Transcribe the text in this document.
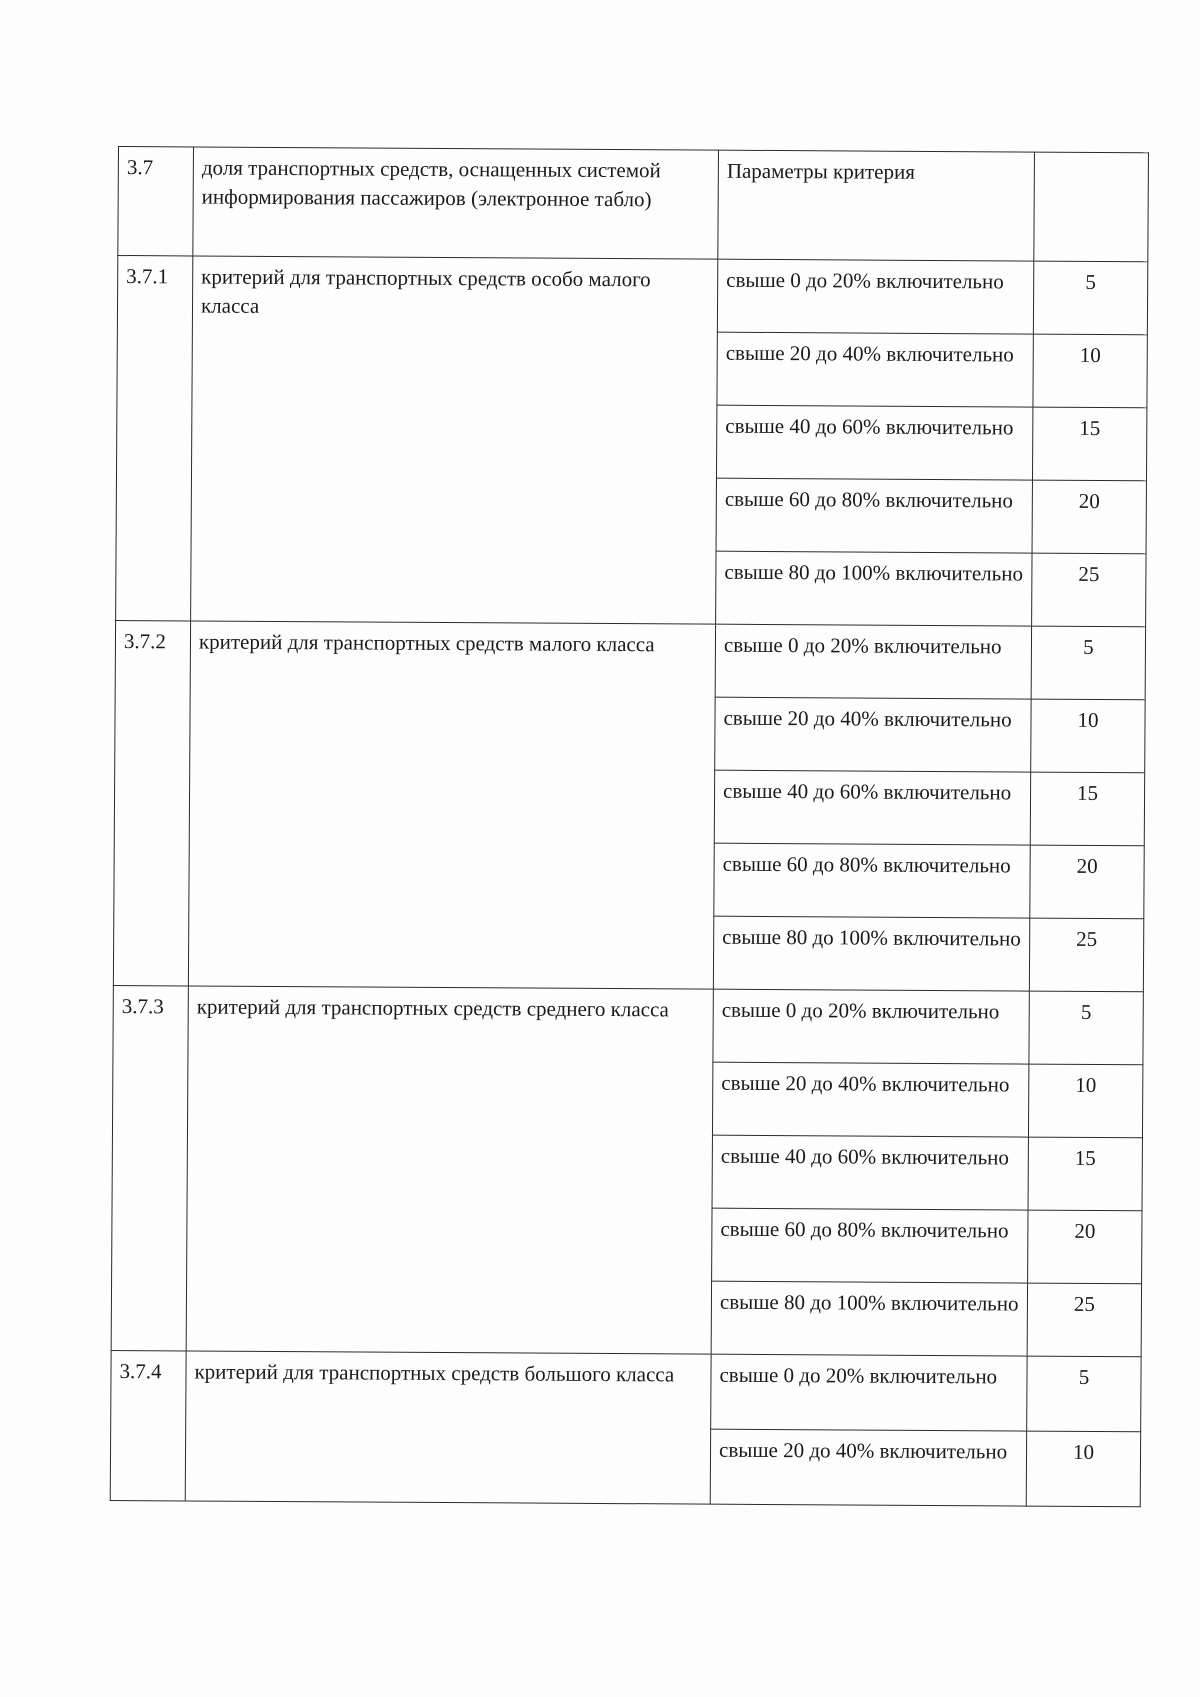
3.7	доля транспортных средств, оснащенных системой информирования пассажиров (электронное табло)	Параметры критерия	
3.7.1	критерий для транспортных средств особо малого класса	свыше 0 до 20% включительно	5
		свыше 20 до 40% включительно	10
		свыше 40 до 60% включительно	15
		свыше 60 до 80% включительно	20
		свыше 80 до 100% включительно	25
3.7.2	критерий для транспортных средств малого класса	свыше 0 до 20% включительно	5
		свыше 20 до 40% включительно	10
		свыше 40 до 60% включительно	15
		свыше 60 до 80% включительно	20
		свыше 80 до 100% включительно	25
3.7.3	критерий для транспортных средств среднего класса	свыше 0 до 20% включительно	5
		свыше 20 до 40% включительно	10
		свыше 40 до 60% включительно	15
		свыше 60 до 80% включительно	20
		свыше 80 до 100% включительно	25
3.7.4	критерий для транспортных средств большого класса	свыше 0 до 20% включительно	5
		свыше 20 до 40% включительно	10
